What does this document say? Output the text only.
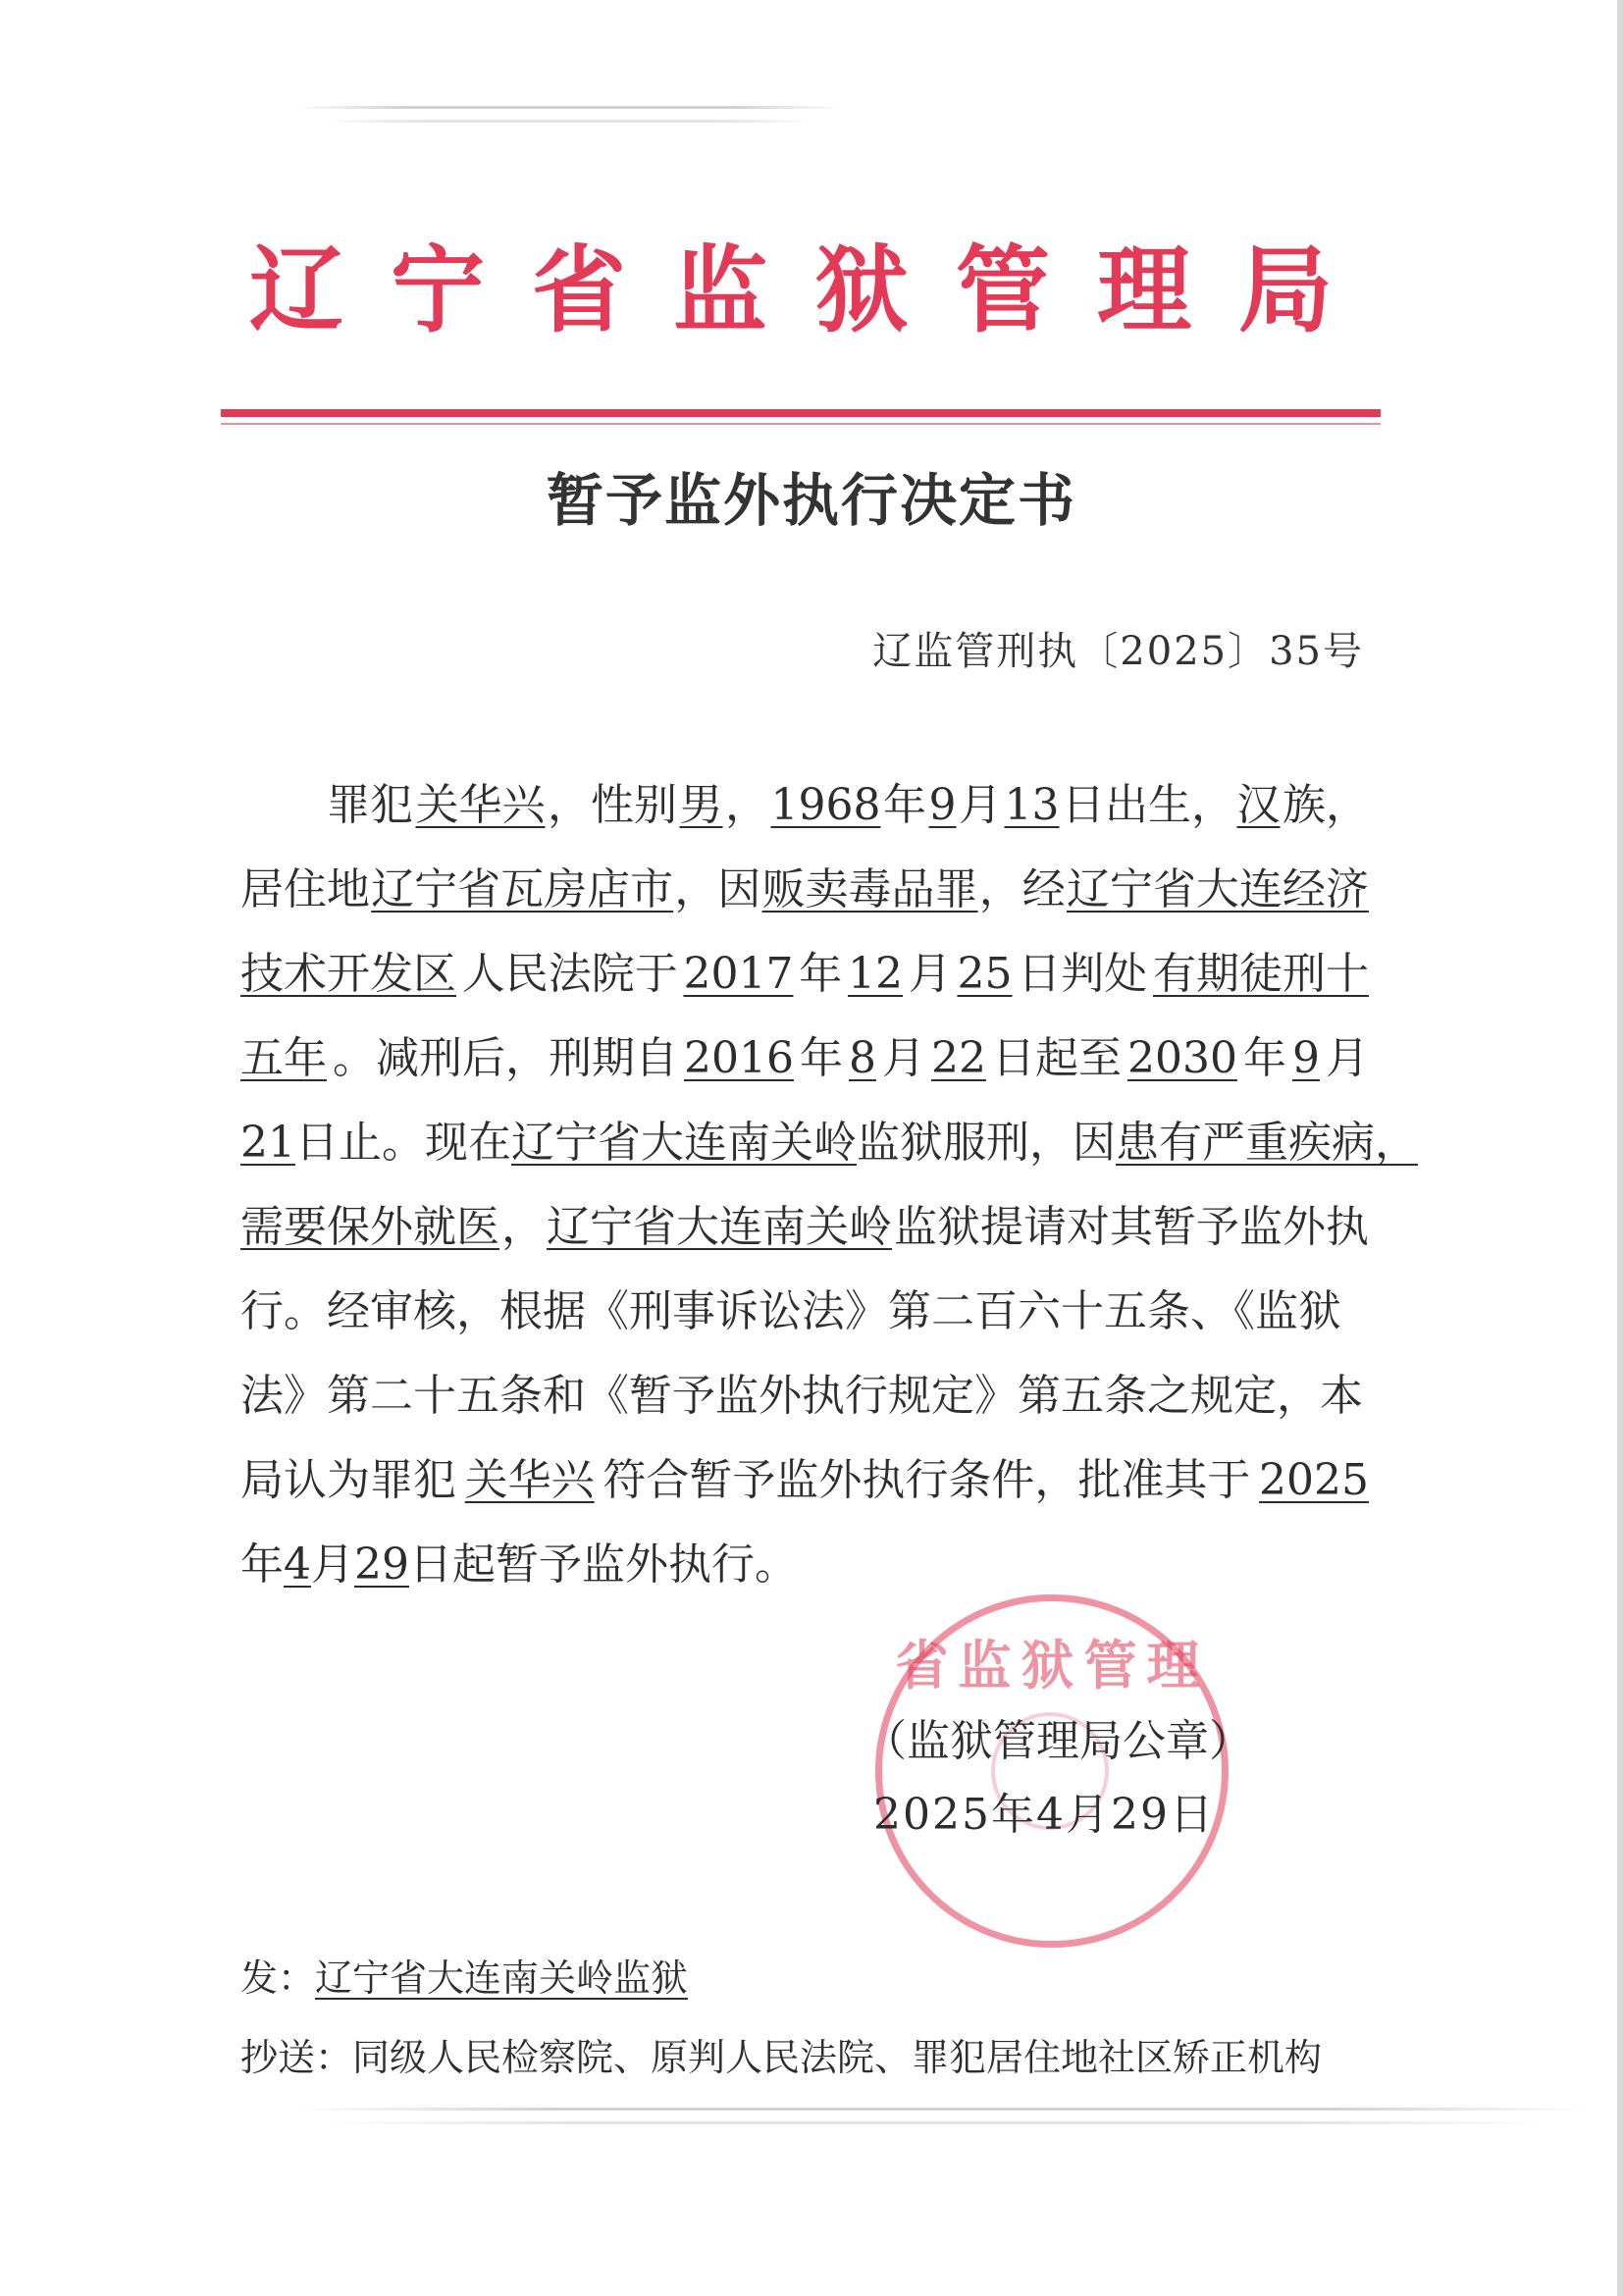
辽宁省监狱管理局
暂予监外执行决定书
辽监管刑执〔2025〕35号
罪犯 关华兴 ，性别 男 ， 1968 年 9 月 13 日出生， 汉 族，
居住地 辽宁省瓦房店市 ，因 贩卖毒品罪 ，经 辽宁省大连经济
技术开发区 人民法院于 2017 年 12 月 25 日判处 有期徒刑十
五年 。减刑后，刑期自 2016 年 8 月 22 日起至 2030 年 9 月
21 日止。现在 辽宁省大连南关岭 监狱服刑，因 患有严重疾病，
需要保外就医 ， 辽宁省大连南关岭 监狱提请对其暂予监外执
行。经审核，根据《刑事诉讼法》第二百六十五条、《监狱
法》第二十五条和《暂予监外执行规定》第五条之规定，本
局认为罪犯 关华兴 符合暂予监外执行条件，批准其于 2025
年 4 月 29 日起暂予监外执行。
省监狱管理
（监狱管理局公章）
2025年4月29日
发：辽宁省大连南关岭监狱
抄送：同级人民检察院、原判人民法院、罪犯居住地社区矫正机构
